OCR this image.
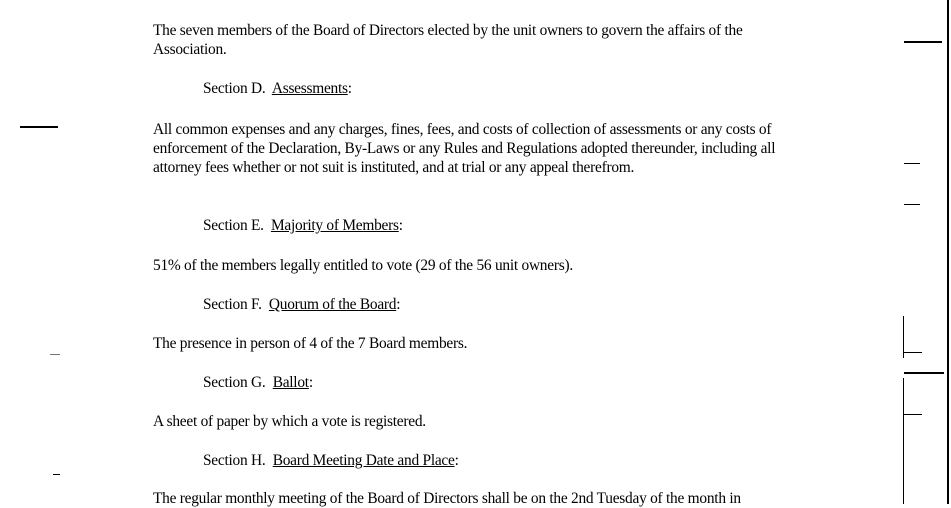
The seven members of the Board of Directors elected by the unit owners to govern the affairs of the Association.

Section D. Assessments:

All common expenses and any charges, fines, fees, and costs of collection of assessments or any costs of enforcement of the Declaration, By-Laws or any Rules and Regulations adopted thereunder, including all attorney fees whether or not suit is instituted, and at trial or any appeal therefrom.

Section E. Majority of Members:

51% of the members legally entitled to vote (29 of the 56 unit owners).

Section F. Quorum of the Board:

The presence in person of 4 of the 7 Board members.

Section G. Ballot:

A sheet of paper by which a vote is registered.

Section H. Board Meeting Date and Place:

The regular monthly meeting of the Board of Directors shall be on the 2nd Tuesday of the month in
